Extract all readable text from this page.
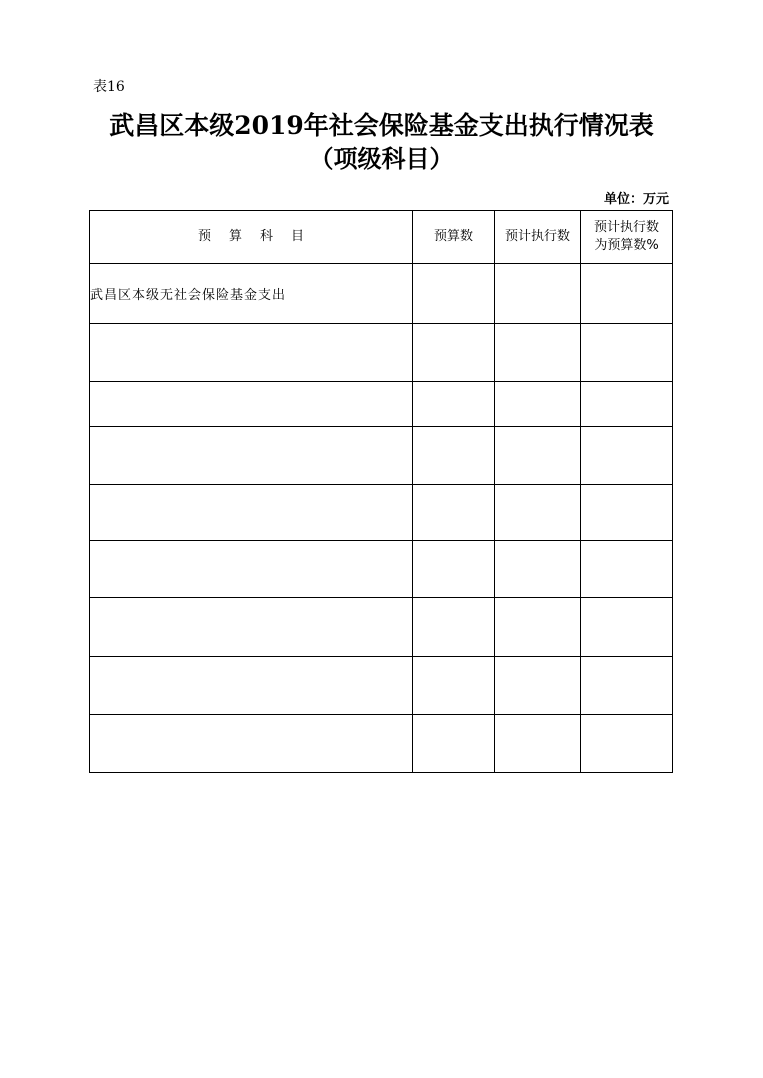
表16
武昌区本级2019年社会保险基金支出执行情况表
（项级科目）
单位：万元
预算科目	预算数	预计执行数	预计执行数
为预算数%
武昌区本级无社会保险基金支出			
